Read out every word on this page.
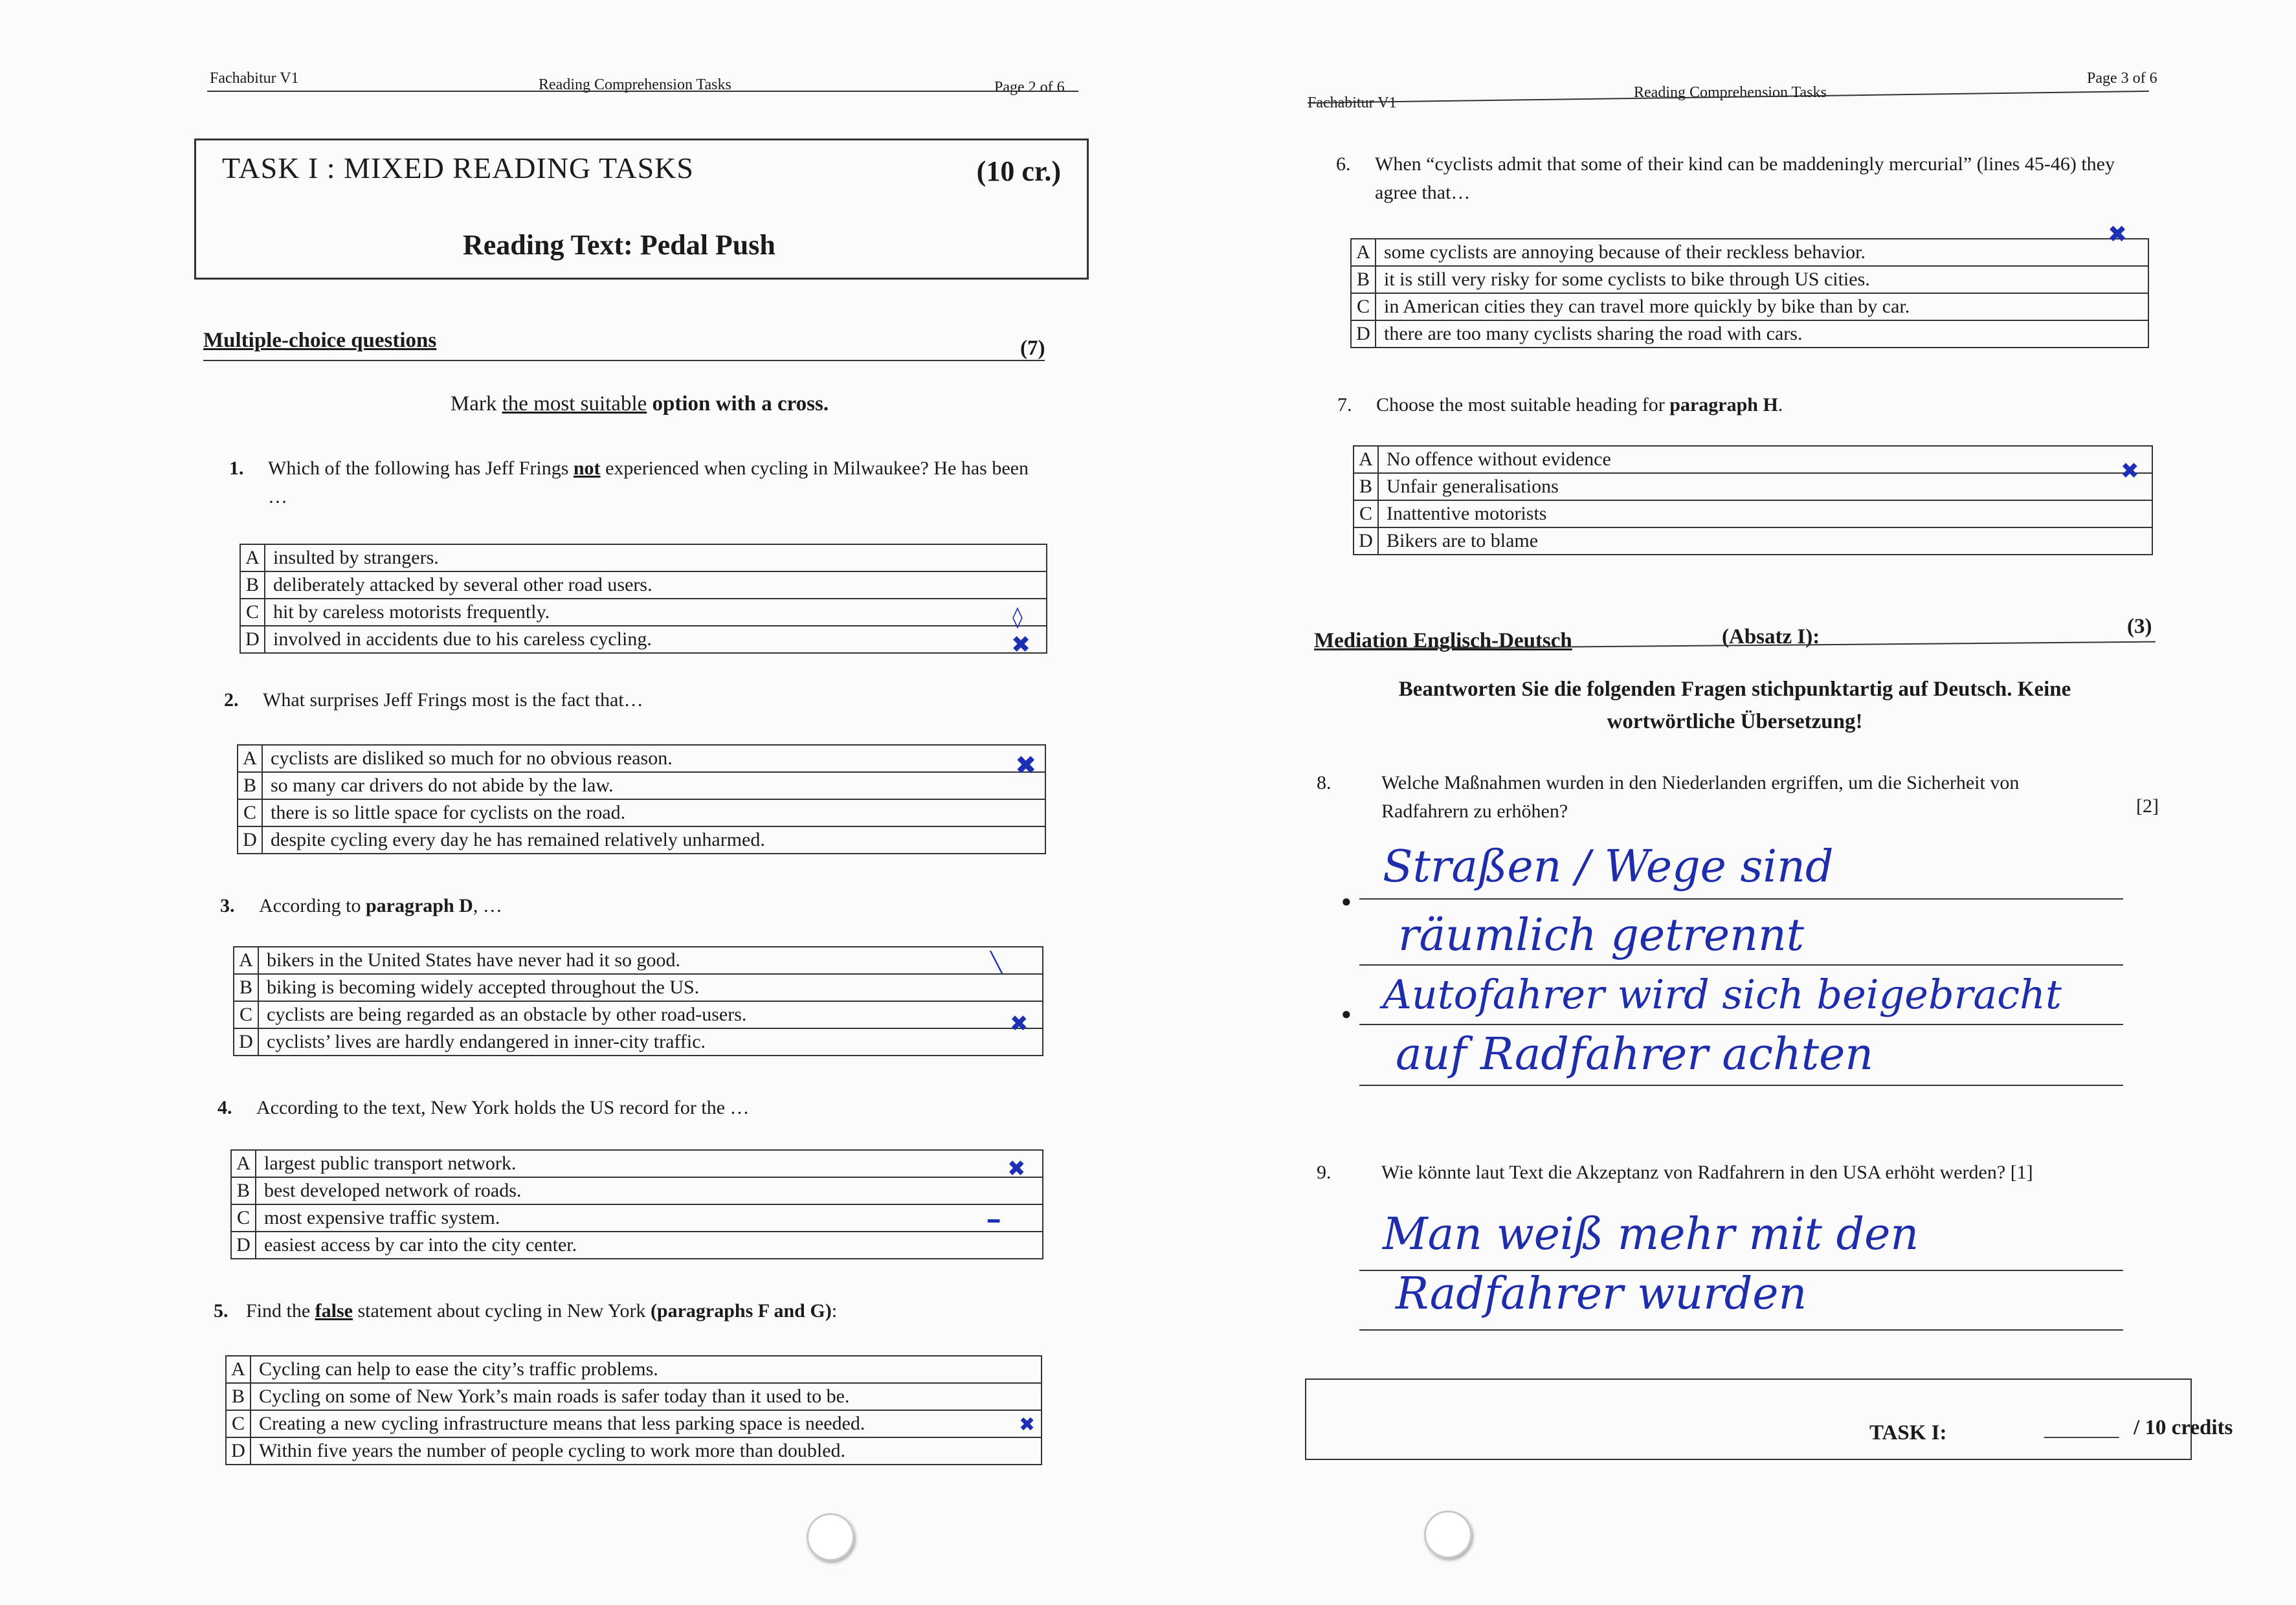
Fachabitur V1	Reading Comprehension Tasks	Page 2 of 6
TASK I : MIXED READING TASKS	(10 cr.)
Reading Text: Pedal Push
Multiple-choice questions	(7)
Mark the most suitable option with a cross.
1. Which of the following has Jeff Frings not experienced when cycling in Milwaukee? He has been …
A	insulted by strangers.
B	deliberately attacked by several other road users.
C	hit by careless motorists frequently.
D	involved in accidents due to his careless cycling.
◊
✖
2. What surprises Jeff Frings most is the fact that…
A	cyclists are disliked so much for no obvious reason.
B	so many car drivers do not abide by the law.
C	there is so little space for cyclists on the road.
D	despite cycling every day he has remained relatively unharmed.
✖
3. According to paragraph D, …
A	bikers in the United States have never had it so good.
B	biking is becoming widely accepted throughout the US.
C	cyclists are being regarded as an obstacle by other road-users.
D	cyclists’ lives are hardly endangered in inner-city traffic.
╲
✖
4. According to the text, New York holds the US record for the …
A	largest public transport network.
B	best developed network of roads.
C	most expensive traffic system.
D	easiest access by car into the city center.
✖
━
5. Find the false statement about cycling in New York (paragraphs F and G):
A	Cycling can help to ease the city’s traffic problems.
B	Cycling on some of New York’s main roads is safer today than it used to be.
C	Creating a new cycling infrastructure means that less parking space is needed.
D	Within five years the number of people cycling to work more than doubled.
✖
Fachabitur V1
Reading Comprehension Tasks
Page 3 of 6
6. When “cyclists admit that some of their kind can be maddeningly mercurial” (lines 45-46) they agree that…
A	some cyclists are annoying because of their reckless behavior.
B	it is still very risky for some cyclists to bike through US cities.
C	in American cities they can travel more quickly by bike than by car.
D	there are too many cyclists sharing the road with cars.
✖
7. Choose the most suitable heading for paragraph H.
A	No offence without evidence
B	Unfair generalisations
C	Inattentive motorists
D	Bikers are to blame
✖
Mediation Englisch-Deutsch	(Absatz I):	(3)
Beantworten Sie die folgenden Fragen stichpunktartig auf Deutsch. Keine wortwörtliche Übersetzung!
8.	Welche Maßnahmen wurden in den Niederlanden ergriffen, um die Sicherheit von Radfahrern zu erhöhen?	[2]
●
●
Straßen / Wege sind
räumlich getrennt
Autofahrer wird sich beigebracht
auf Radfahrer achten
9.	Wie könnte laut Text die Akzeptanz von Radfahrern in den USA erhöht werden? [1]
Man weiß mehr mit den
Radfahrer wurden
TASK I:	_______ / 10 credits
